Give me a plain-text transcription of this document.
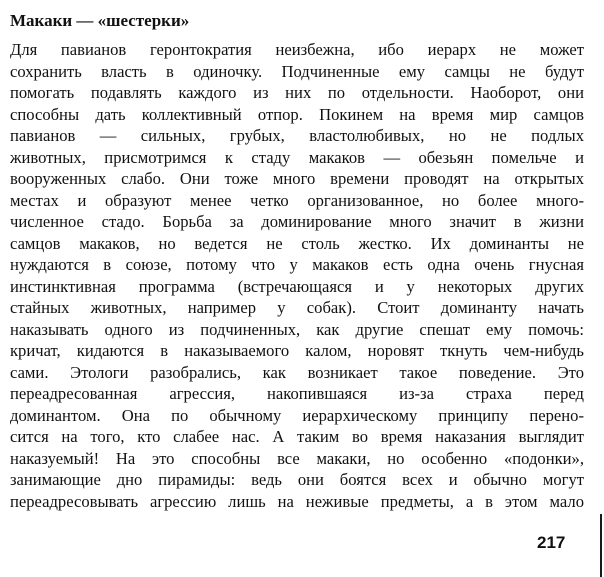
Макаки — «шестерки»
Для павианов геронтократия неизбежна, ибо иерарх не может
сохранить власть в одиночку. Подчиненные ему самцы не будут
помогать подавлять каждого из них по отдельности. Наоборот, они
способны дать коллективный отпор. Покинем на время мир самцов
павианов — сильных, грубых, властолюбивых, но не подлых
животных, присмотримся к стаду макаков — обезьян помельче и
вооруженных слабо. Они тоже много времени проводят на открытых
местах и образуют менее четко организованное, но более много-
численное стадо. Борьба за доминирование много значит в жизни
самцов макаков, но ведется не столь жестко. Их доминанты не
нуждаются в союзе, потому что у макаков есть одна очень гнусная
инстинктивная программа (встречающаяся и у некоторых других
стайных животных, например у собак). Стоит доминанту начать
наказывать одного из подчиненных, как другие спешат ему помочь:
кричат, кидаются в наказываемого калом, норовят ткнуть чем-нибудь
сами. Этологи разобрались, как возникает такое поведение. Это
переадресованная агрессия, накопившаяся из-за страха перед
доминантом. Она по обычному иерархическому принципу перено-
сится на того, кто слабее нас. А таким во время наказания выглядит
наказуемый! На это способны все макаки, но особенно «подонки»,
занимающие дно пирамиды: ведь они боятся всех и обычно могут
переадресовывать агрессию лишь на неживые предметы, а в этом мало
217
